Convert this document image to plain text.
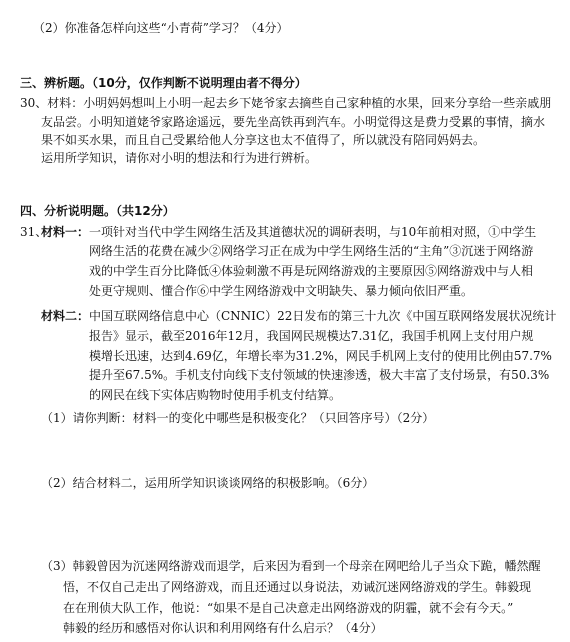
（2）你准备怎样向这些“小青荷”学习？（4分）
三、辨析题。（10分，仅作判断不说明理由者不得分）
30、材料：小明妈妈想叫上小明一起去乡下姥爷家去摘些自己家种植的水果，回来分享给一些亲戚朋
友品尝。小明知道姥爷家路途遥远，要先坐高铁再到汽车。小明觉得这是费力受累的事情，摘水
果不如买水果，而且自己受累给他人分享这也太不值得了，所以就没有陪同妈妈去。
运用所学知识，请你对小明的想法和行为进行辨析。
四、分析说明题。（共12分）
31、
材料一： 一项针对当代中学生网络生活及其道德状况的调研表明，与10年前相对照，①中学生
网络生活的花费在减少②网络学习正在成为中学生网络生活的“主角”③沉迷于网络游
戏的中学生百分比降低④体验刺激不再是玩网络游戏的主要原因⑤网络游戏中与人相
处更守规则、懂合作⑥中学生网络游戏中文明缺失、暴力倾向依旧严重。
材料二： 中国互联网络信息中心（CNNIC）22日发布的第三十九次《中国互联网络发展状况统计
报告》显示，截至2016年12月，我国网民规模达7.31亿，我国手机网上支付用户规
模增长迅速，达到4.69亿，年增长率为31.2%，网民手机网上支付的使用比例由57.7%
提升至67.5%。手机支付向线下支付领域的快速渗透，极大丰富了支付场景，有50.3%
的网民在线下实体店购物时使用手机支付结算。
（1）请你判断：材料一的变化中哪些是积极变化？（只回答序号）（2分）
（2）结合材料二，运用所学知识谈谈网络的积极影响。（6分）
（3）韩毅曾因为沉迷网络游戏而退学，后来因为看到一个母亲在网吧给儿子当众下跪，幡然醒
悟，不仅自己走出了网络游戏，而且还通过以身说法，劝诫沉迷网络游戏的学生。韩毅现
在在刑侦大队工作，他说：“如果不是自己决意走出网络游戏的阴霾，就不会有今天。”
韩毅的经历和感悟对你认识和利用网络有什么启示？（4分）
